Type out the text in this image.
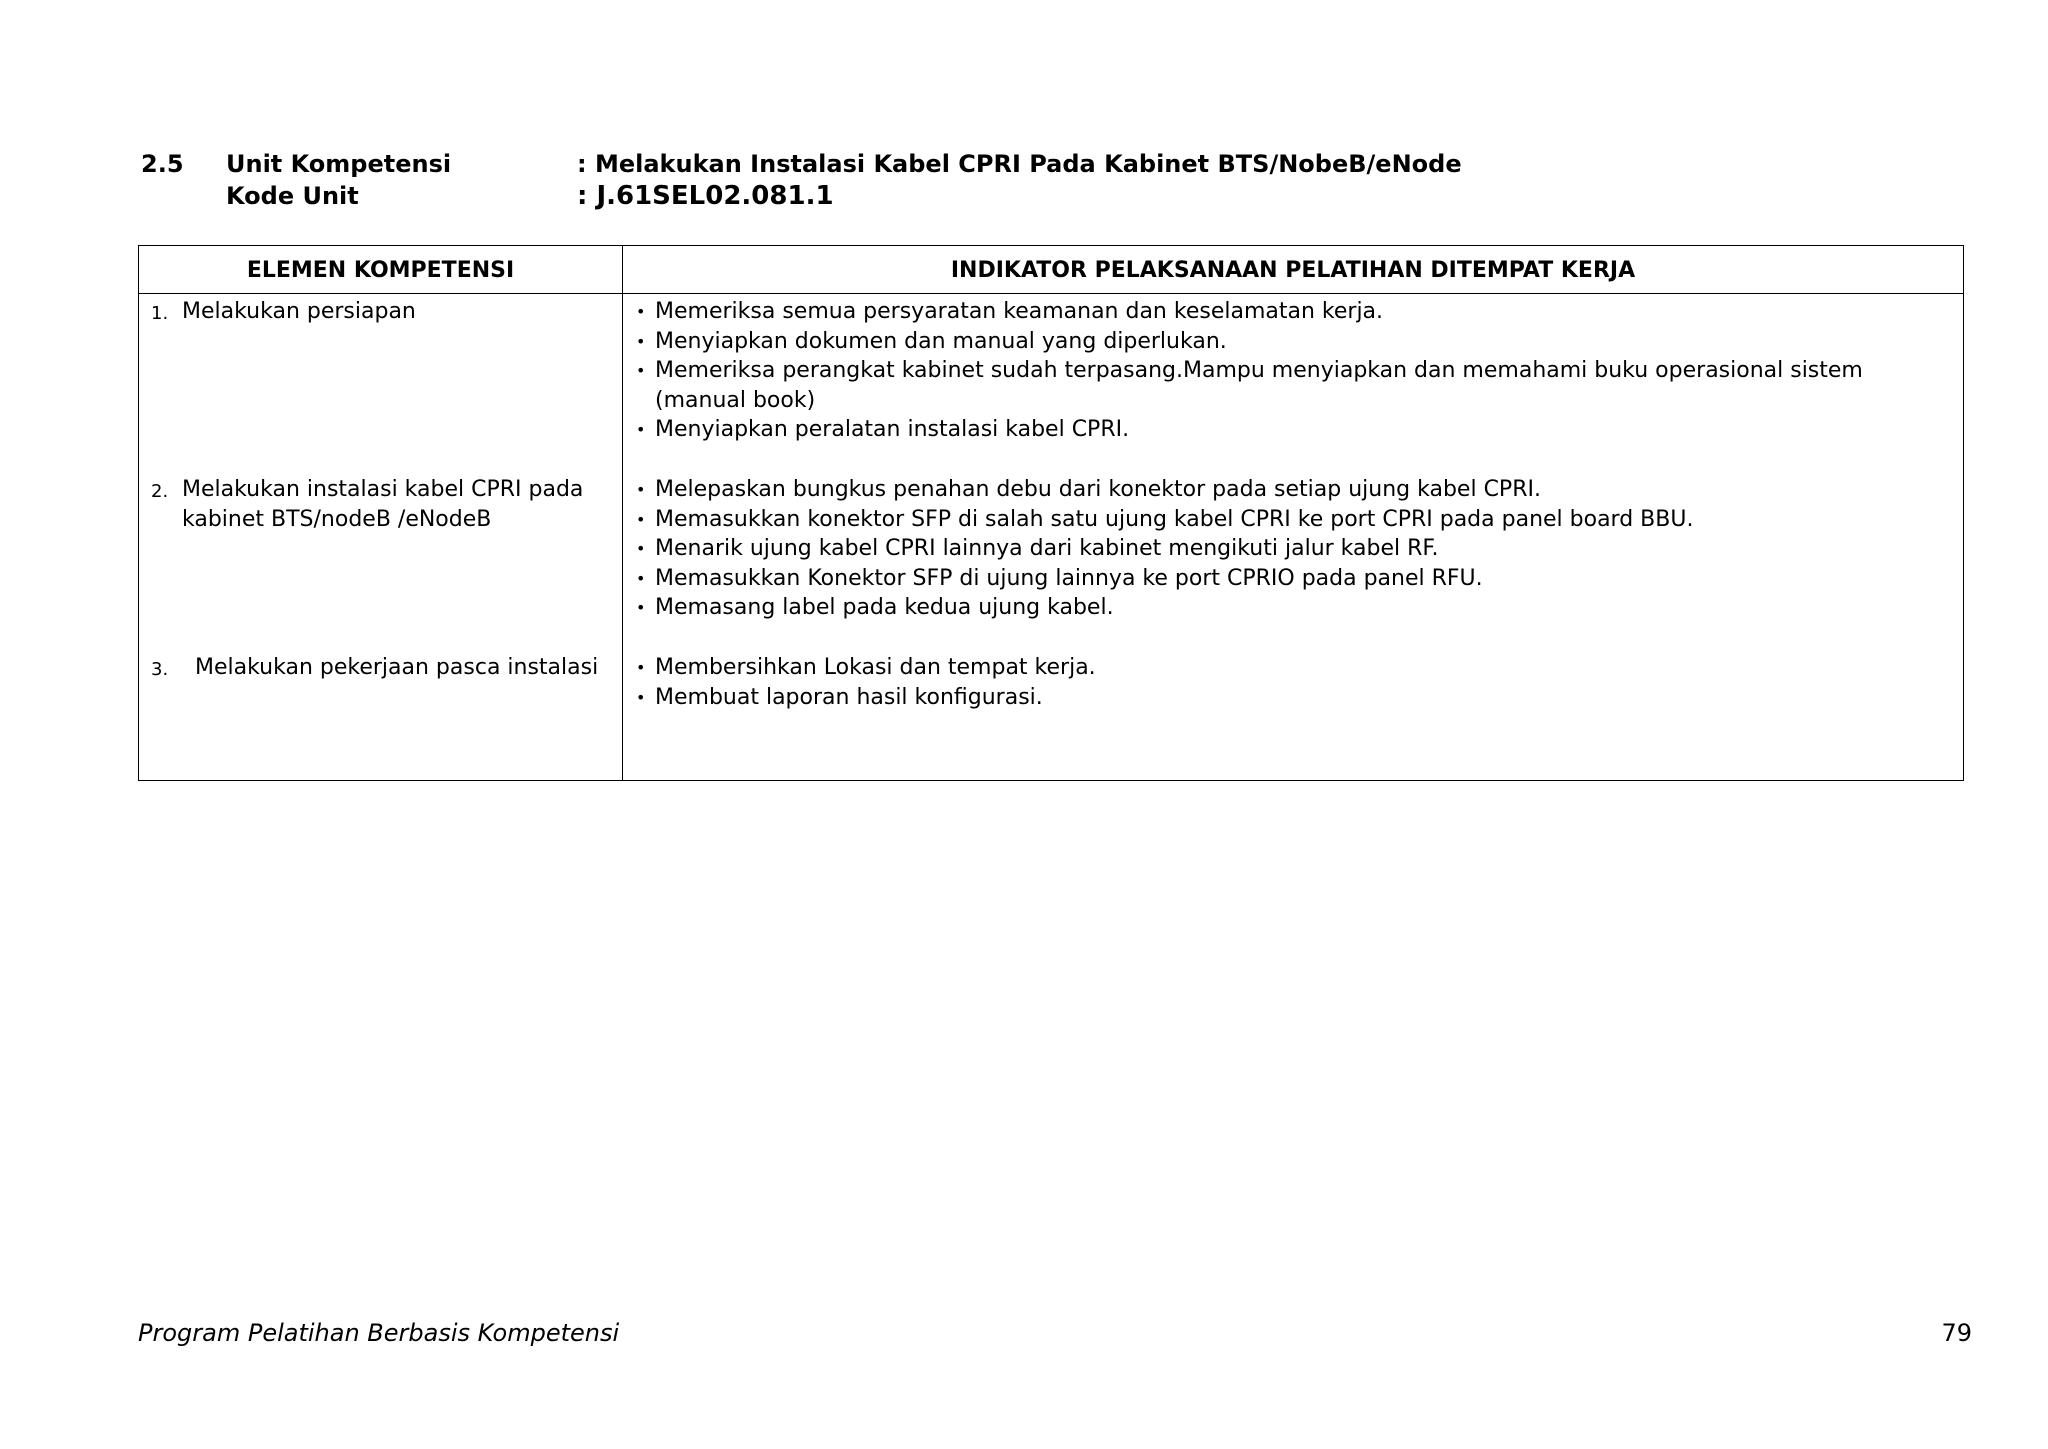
2.5 Unit Kompetensi	: Melakukan Instalasi Kabel CPRI Pada Kabinet BTS/NobeB/eNode
Kode Unit	: J.61SEL02.081.1
ELEMEN KOMPETENSI	INDIKATOR PELAKSANAAN PELATIHAN DITEMPAT KERJA
1. Melakukan persiapan	• Memeriksa semua persyaratan keamanan dan keselamatan kerja.
• Menyiapkan dokumen dan manual yang diperlukan.
• Memeriksa perangkat kabinet sudah terpasang.Mampu menyiapkan dan memahami buku operasional sistem (manual book)
• Menyiapkan peralatan instalasi kabel CPRI.
2. Melakukan instalasi kabel CPRI pada
kabinet BTS/nodeB /eNodeB
• Melepaskan bungkus penahan debu dari konektor pada setiap ujung kabel CPRI.
• Memasukkan konektor SFP di salah satu ujung kabel CPRI ke port CPRI pada panel board BBU.
• Menarik ujung kabel CPRI lainnya dari kabinet mengikuti jalur kabel RF.
• Memasukkan Konektor SFP di ujung lainnya ke port CPRIO pada panel RFU.
• Memasang label pada kedua ujung kabel.
3. Melakukan pekerjaan pasca instalasi	• Membersihkan Lokasi dan tempat kerja.
• Membuat laporan hasil konfigurasi.
Program Pelatihan Berbasis Kompetensi	79
